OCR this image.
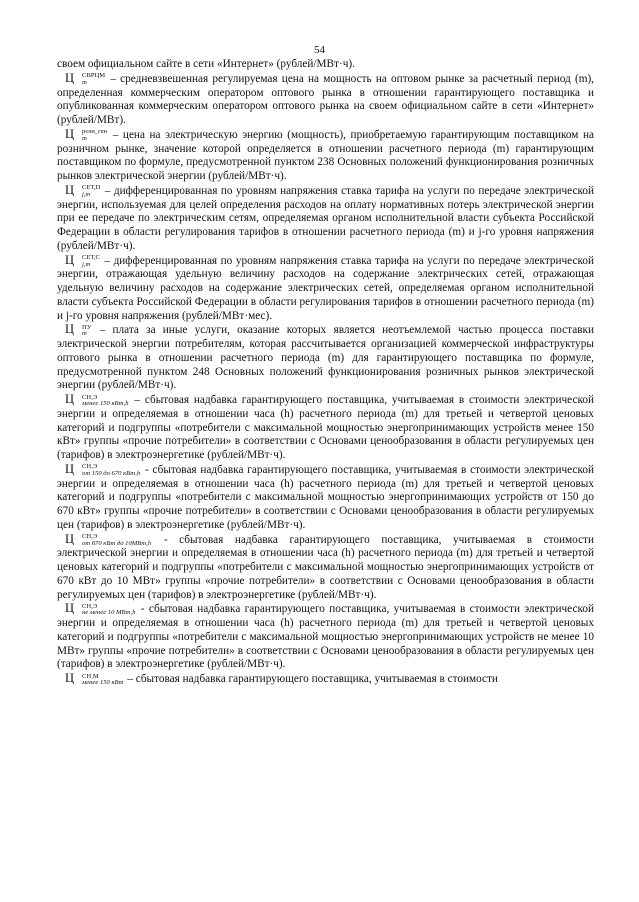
54

своем официальном сайте в сети «Интернет» (рублей/МВт·ч).

Ц	СВРЦМ
m	– средневзвешенная регулируемая цена на мощность на оптовом рынке за расчетный период (m), определенная коммерческим оператором оптового рынка в отношении гарантирующего поставщика и опубликованная коммерческим оператором оптового рынка на своем официальном сайте в сети «Интернет» (рублей/МВт).

Ц	розн_ген
m	– цена на электрическую энергию (мощность), приобретаемую гарантирующим поставщиком на розничном рынке, значение которой определяется в отношении расчетного периода (m) гарантирующим поставщиком по формуле, предусмотренной пунктом 238 Основных положений функционирования розничных рынков электрической энергии (рублей/МВт·ч).

Ц	СЕТ,П
j,m – дифференцированная по уровням напряжения ставка тарифа на услуги по передаче электрической энергии, используемая для целей определения расходов на оплату нормативных потерь электрической энергии при ее передаче по электрическим сетям, определяемая органом исполнительной власти субъекта Российской Федерации в области регулирования тарифов в отношении расчетного периода (m) и j-го уровня напряжения (рублей/МВт·ч).

Ц	СЕТ,С
j,m – дифференцированная по уровням напряжения ставка тарифа на услуги по передаче электрической энергии, отражающая удельную величину расходов на содержание электрических сетей, отражающая удельную величину расходов на содержание электрических сетей, определяемая органом исполнительной власти субъекта Российской Федерации в области регулирования тарифов в отношении расчетного периода (m) и j-го уровня напряжения (рублей/МВт·мес).

Ц	ПУ
m – плата за иные услуги, оказание которых является неотъемлемой частью процесса поставки электрической энергии потребителям, которая рассчитывается организацией коммерческой инфраструктуры оптового рынка в отношении расчетного периода (m) для гарантирующего поставщика по формуле, предусмотренной пунктом 248 Основных положений функционирования розничных рынков электрической энергии (рублей/МВт·ч).

Ц	СН,Э
менее 150 кВт,h – сбытовая надбавка гарантирующего поставщика, учитываемая в стоимости электрической энергии и определяемая в отношении часа (h) расчетного периода (m) для третьей и четвертой ценовых категорий и подгруппы «потребители с максимальной мощностью энергопринимающих устройств менее 150 кВт» группы «прочие потребители» в соответствии с Основами ценообразования в области регулируемых цен (тарифов) в электроэнергетике (рублей/МВт·ч).

Ц	СН,Э
от 150 до 670 кВт,h - сбытовая надбавка гарантирующего поставщика, учитываемая в стоимости электрической энергии и определяемая в отношении часа (h) расчетного периода (m) для третьей и четвертой ценовых категорий и подгруппы «потребители с максимальной мощностью энергопринимающих устройств от 150 до 670 кВт» группы «прочие потребители» в соответствии с Основами ценообразования в области регулируемых цен (тарифов) в электроэнергетике (рублей/МВт·ч).

Ц	СН,Э
от 670 кВт до 10МВт,h - сбытовая надбавка гарантирующего поставщика, учитываемая в стоимости электрической энергии и определяемая в отношении часа (h) расчетного периода (m) для третьей и четвертой ценовых категорий и подгруппы «потребители с максимальной мощностью энергопринимающих устройств от 670 кВт до 10 МВт» группы «прочие потребители» в соответствии с Основами ценообразования в области регулируемых цен (тарифов) в электроэнергетике (рублей/МВт·ч).

Ц	СН,Э
не менее 10 МВт,h - сбытовая надбавка гарантирующего поставщика, учитываемая в стоимости электрической энергии и определяемая в отношении часа (h) расчетного периода (m) для третьей и четвертой ценовых категорий и подгруппы «потребители с максимальной мощностью энергопринимающих устройств не менее 10 МВт» группы «прочие потребители» в соответствии с Основами ценообразования в области регулируемых цен (тарифов) в электроэнергетике (рублей/МВт·ч).

Ц	СН,М
менее 150 кВт – сбытовая надбавка гарантирующего поставщика, учитываемая в стоимости
